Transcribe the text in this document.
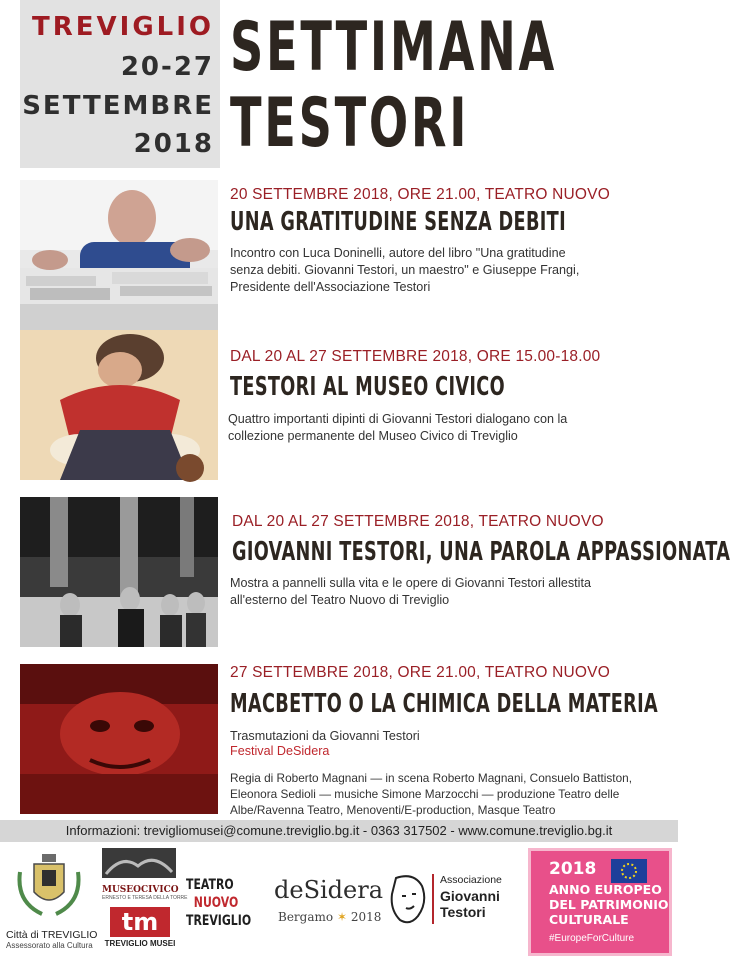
TREVIGLIO
20-27
SETTEMBRE
2018
SETTIMANA
TESTORI
20 SETTEMBRE 2018, ORE 21.00, TEATRO NUOVO
UNA GRATITUDINE SENZA DEBITI
Incontro con Luca Doninelli, autore del libro "Una gratitudine
senza debiti. Giovanni Testori, un maestro" e Giuseppe Frangi,
Presidente dell'Associazione Testori
DAL 20 AL 27 SETTEMBRE 2018, ORE 15.00-18.00
TESTORI AL MUSEO CIVICO
Quattro importanti dipinti di Giovanni Testori dialogano con la
collezione permanente del Museo Civico di Treviglio
DAL 20 AL 27 SETTEMBRE 2018, TEATRO NUOVO
GIOVANNI TESTORI, UNA PAROLA APPASSIONATA
Mostra a pannelli sulla vita e le opere di Giovanni Testori allestita
all'esterno del Teatro Nuovo di Treviglio
27 SETTEMBRE 2018, ORE 21.00, TEATRO NUOVO
MACBETTO O LA CHIMICA DELLA MATERIA
Trasmutazioni da Giovanni Testori
Festival DeSidera
Regia di Roberto Magnani — in scena Roberto Magnani, Consuelo Battiston,
Eleonora Sedioli — musiche Simone Marzocchi — produzione Teatro delle
Albe/Ravenna Teatro, Menoventi/E-production, Masque Teatro
Informazioni: trevigliomusei@comune.treviglio.bg.it - 0363 317502 - www.comune.treviglio.bg.it
Città di TREVIGLIO
Assessorato alla Cultura
MUSEOCIVICO
ERNESTO E TERESA DELLA TORRE
tm
TREVIGLIO MUSEI
TEATRO
NUOVO
TREVIGLIO
deSidera
Bergamo ✶ 2018
Associazione
Giovanni
Testori
2018
ANNO EUROPEO
DEL PATRIMONIO
CULTURALE
#EuropeForCulture
